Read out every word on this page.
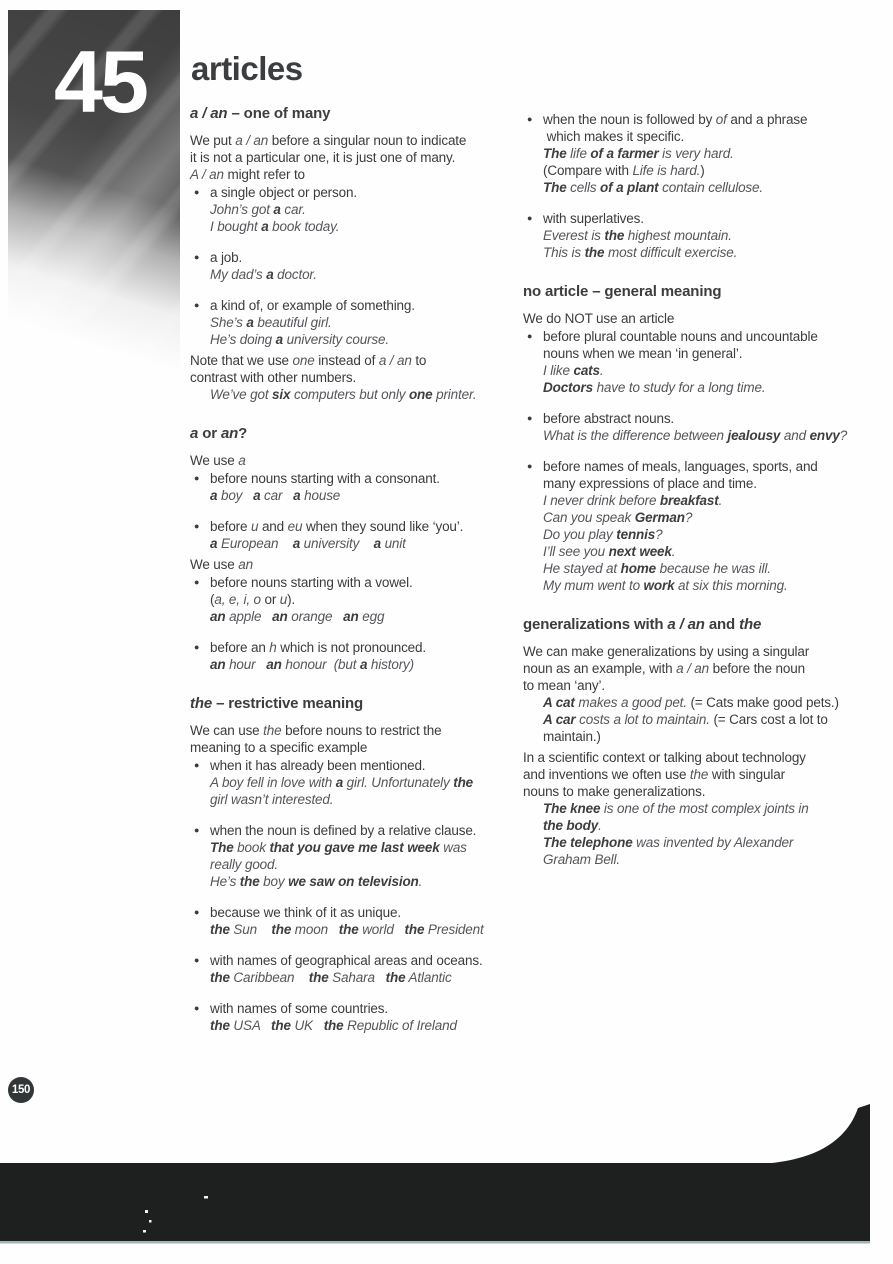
45 articles
a / an – one of many
We put a / an before a singular noun to indicate
it is not a particular one, it is just one of many.
A / an might refer to
● a single object or person.
John’s got a car.
I bought a book today.
● a job.
My dad’s a doctor.
● a kind of, or example of something.
She’s a beautiful girl.
He’s doing a university course.
Note that we use one instead of a / an to
contrast with other numbers.
We’ve got six computers but only one printer.
a or an?
We use a
● before nouns starting with a consonant.
a boy   a car   a house
● before u and eu when they sound like ‘you’.
a European    a university    a unit
We use an
● before nouns starting with a vowel.
(a, e, i, o or u).
an apple   an orange   an egg
● before an h which is not pronounced.
an hour   an honour  (but a history)
the – restrictive meaning
We can use the before nouns to restrict the
meaning to a specific example
● when it has already been mentioned.
A boy fell in love with a girl. Unfortunately the
girl wasn’t interested.
● when the noun is defined by a relative clause.
The book that you gave me last week was
really good.
He’s the boy we saw on television.
● because we think of it as unique.
the Sun    the moon   the world   the President
● with names of geographical areas and oceans.
the Caribbean    the Sahara   the Atlantic
● with names of some countries.
the USA   the UK   the Republic of Ireland
● when the noun is followed by of and a phrase
which makes it specific.
The life of a farmer is very hard.
(Compare with Life is hard.)
The cells of a plant contain cellulose.
● with superlatives.
Everest is the highest mountain.
This is the most difficult exercise.
no article – general meaning
We do NOT use an article
● before plural countable nouns and uncountable
nouns when we mean ‘in general’.
I like cats.
Doctors have to study for a long time.
● before abstract nouns.
What is the difference between jealousy and envy?
● before names of meals, languages, sports, and
many expressions of place and time.
I never drink before breakfast.
Can you speak German?
Do you play tennis?
I’ll see you next week.
He stayed at home because he was ill.
My mum went to work at six this morning.
generalizations with a / an and the
We can make generalizations by using a singular
noun as an example, with a / an before the noun
to mean ‘any’.
A cat makes a good pet. (= Cats make good pets.)
A car costs a lot to maintain. (= Cars cost a lot to
maintain.)
In a scientific context or talking about technology
and inventions we often use the with singular
nouns to make generalizations.
The knee is one of the most complex joints in
the body.
The telephone was invented by Alexander
Graham Bell.
150
